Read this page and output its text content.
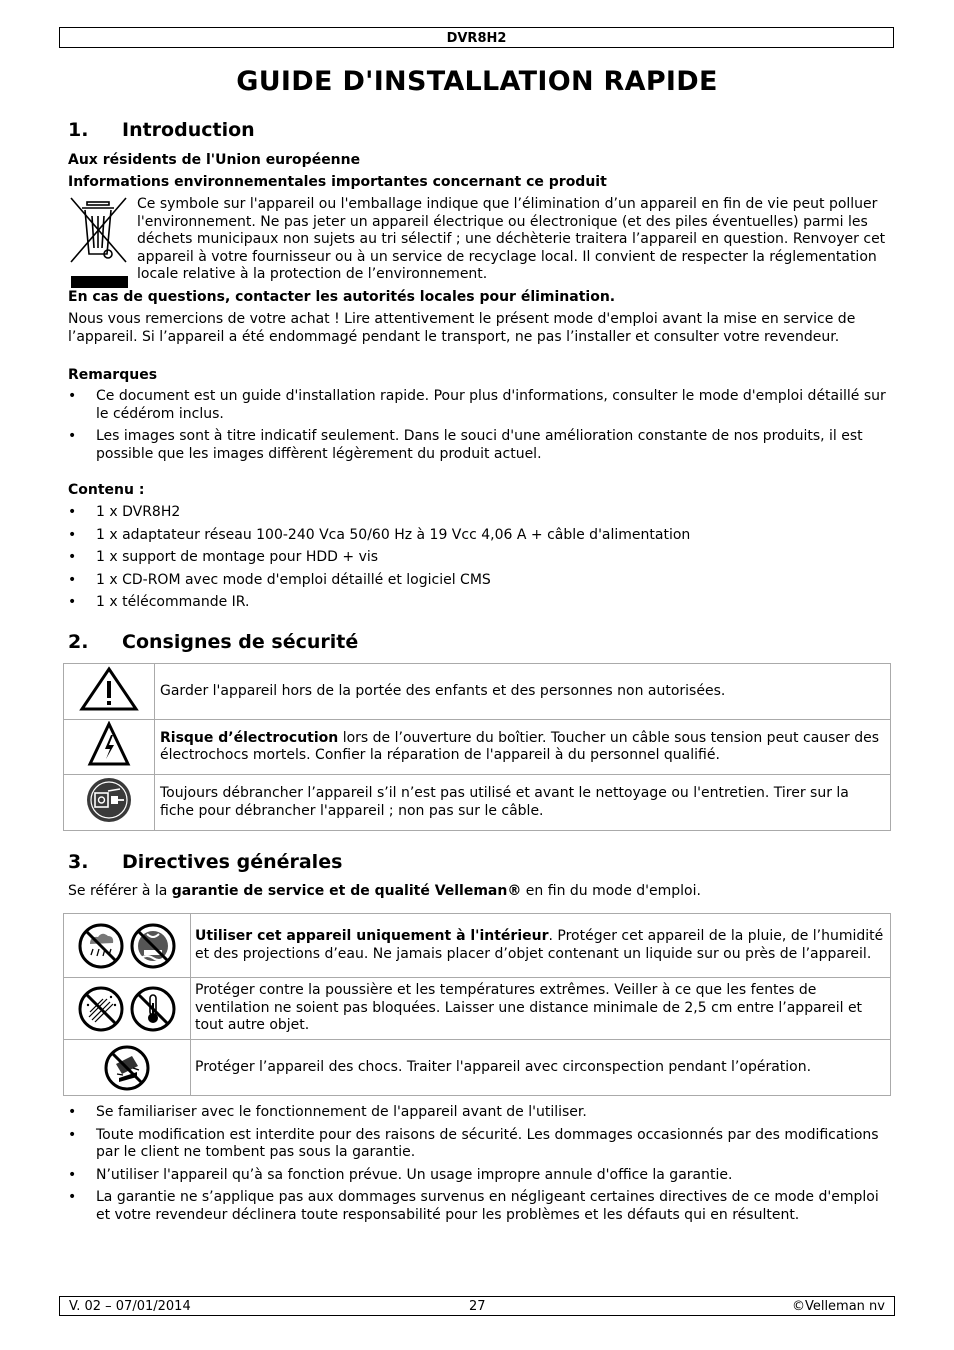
DVR8H2
GUIDE D'INSTALLATION RAPIDE
1. Introduction
Aux résidents de l'Union européenne
Informations environnementales importantes concernant ce produit
Ce symbole sur l'appareil ou l'emballage indique que l’élimination d’un appareil en fin de vie peut polluer l'environnement. Ne pas jeter un appareil électrique ou électronique (et des piles éventuelles) parmi les déchets municipaux non sujets au tri sélectif ; une déchèterie traitera l’appareil en question. Renvoyer cet appareil à votre fournisseur ou à un service de recyclage local. Il convient de respecter la réglementation locale relative à la protection de l’environnement.
En cas de questions, contacter les autorités locales pour élimination.
Nous vous remercions de votre achat ! Lire attentivement le présent mode d'emploi avant la mise en service de l’appareil. Si l’appareil a été endommagé pendant le transport, ne pas l’installer et consulter votre revendeur.
Remarques
• Ce document est un guide d'installation rapide. Pour plus d'informations, consulter le mode d'emploi détaillé sur le cédérom inclus.
• Les images sont à titre indicatif seulement. Dans le souci d'une amélioration constante de nos produits, il est possible que les images diffèrent légèrement du produit actuel.
Contenu :
• 1 x DVR8H2
• 1 x adaptateur réseau 100-240 Vca 50/60 Hz à 19 Vcc 4,06 A + câble d'alimentation
• 1 x support de montage pour HDD + vis
• 1 x CD-ROM avec mode d'emploi détaillé et logiciel CMS
• 1 x télécommande IR.
2. Consignes de sécurité
	Garder l'appareil hors de la portée des enfants et des personnes non autorisées.
	Risque d’électrocution lors de l’ouverture du boîtier. Toucher un câble sous tension peut causer des électrochocs mortels. Confier la réparation de l'appareil à du personnel qualifié.
	Toujours débrancher l’appareil s’il n’est pas utilisé et avant le nettoyage ou l'entretien. Tirer sur la fiche pour débrancher l'appareil ; non pas sur le câble.
3. Directives générales
Se référer à la garantie de service et de qualité Velleman® en fin du mode d'emploi.
	Utiliser cet appareil uniquement à l'intérieur. Protéger cet appareil de la pluie, de l’humidité et des projections d’eau. Ne jamais placer d’objet contenant un liquide sur ou près de l’appareil.
	Protéger contre la poussière et les températures extrêmes. Veiller à ce que les fentes de ventilation ne soient pas bloquées. Laisser une distance minimale de 2,5 cm entre l’appareil et tout autre objet.
	Protéger l’appareil des chocs. Traiter l'appareil avec circonspection pendant l’opération.
• Se familiariser avec le fonctionnement de l'appareil avant de l'utiliser.
• Toute modification est interdite pour des raisons de sécurité. Les dommages occasionnés par des modifications par le client ne tombent pas sous la garantie.
• N’utiliser l'appareil qu’à sa fonction prévue. Un usage impropre annule d'office la garantie.
• La garantie ne s’applique pas aux dommages survenus en négligeant certaines directives de ce mode d'emploi et votre revendeur déclinera toute responsabilité pour les problèmes et les défauts qui en résultent.
V. 02 – 07/01/2014	27	©Velleman nv
